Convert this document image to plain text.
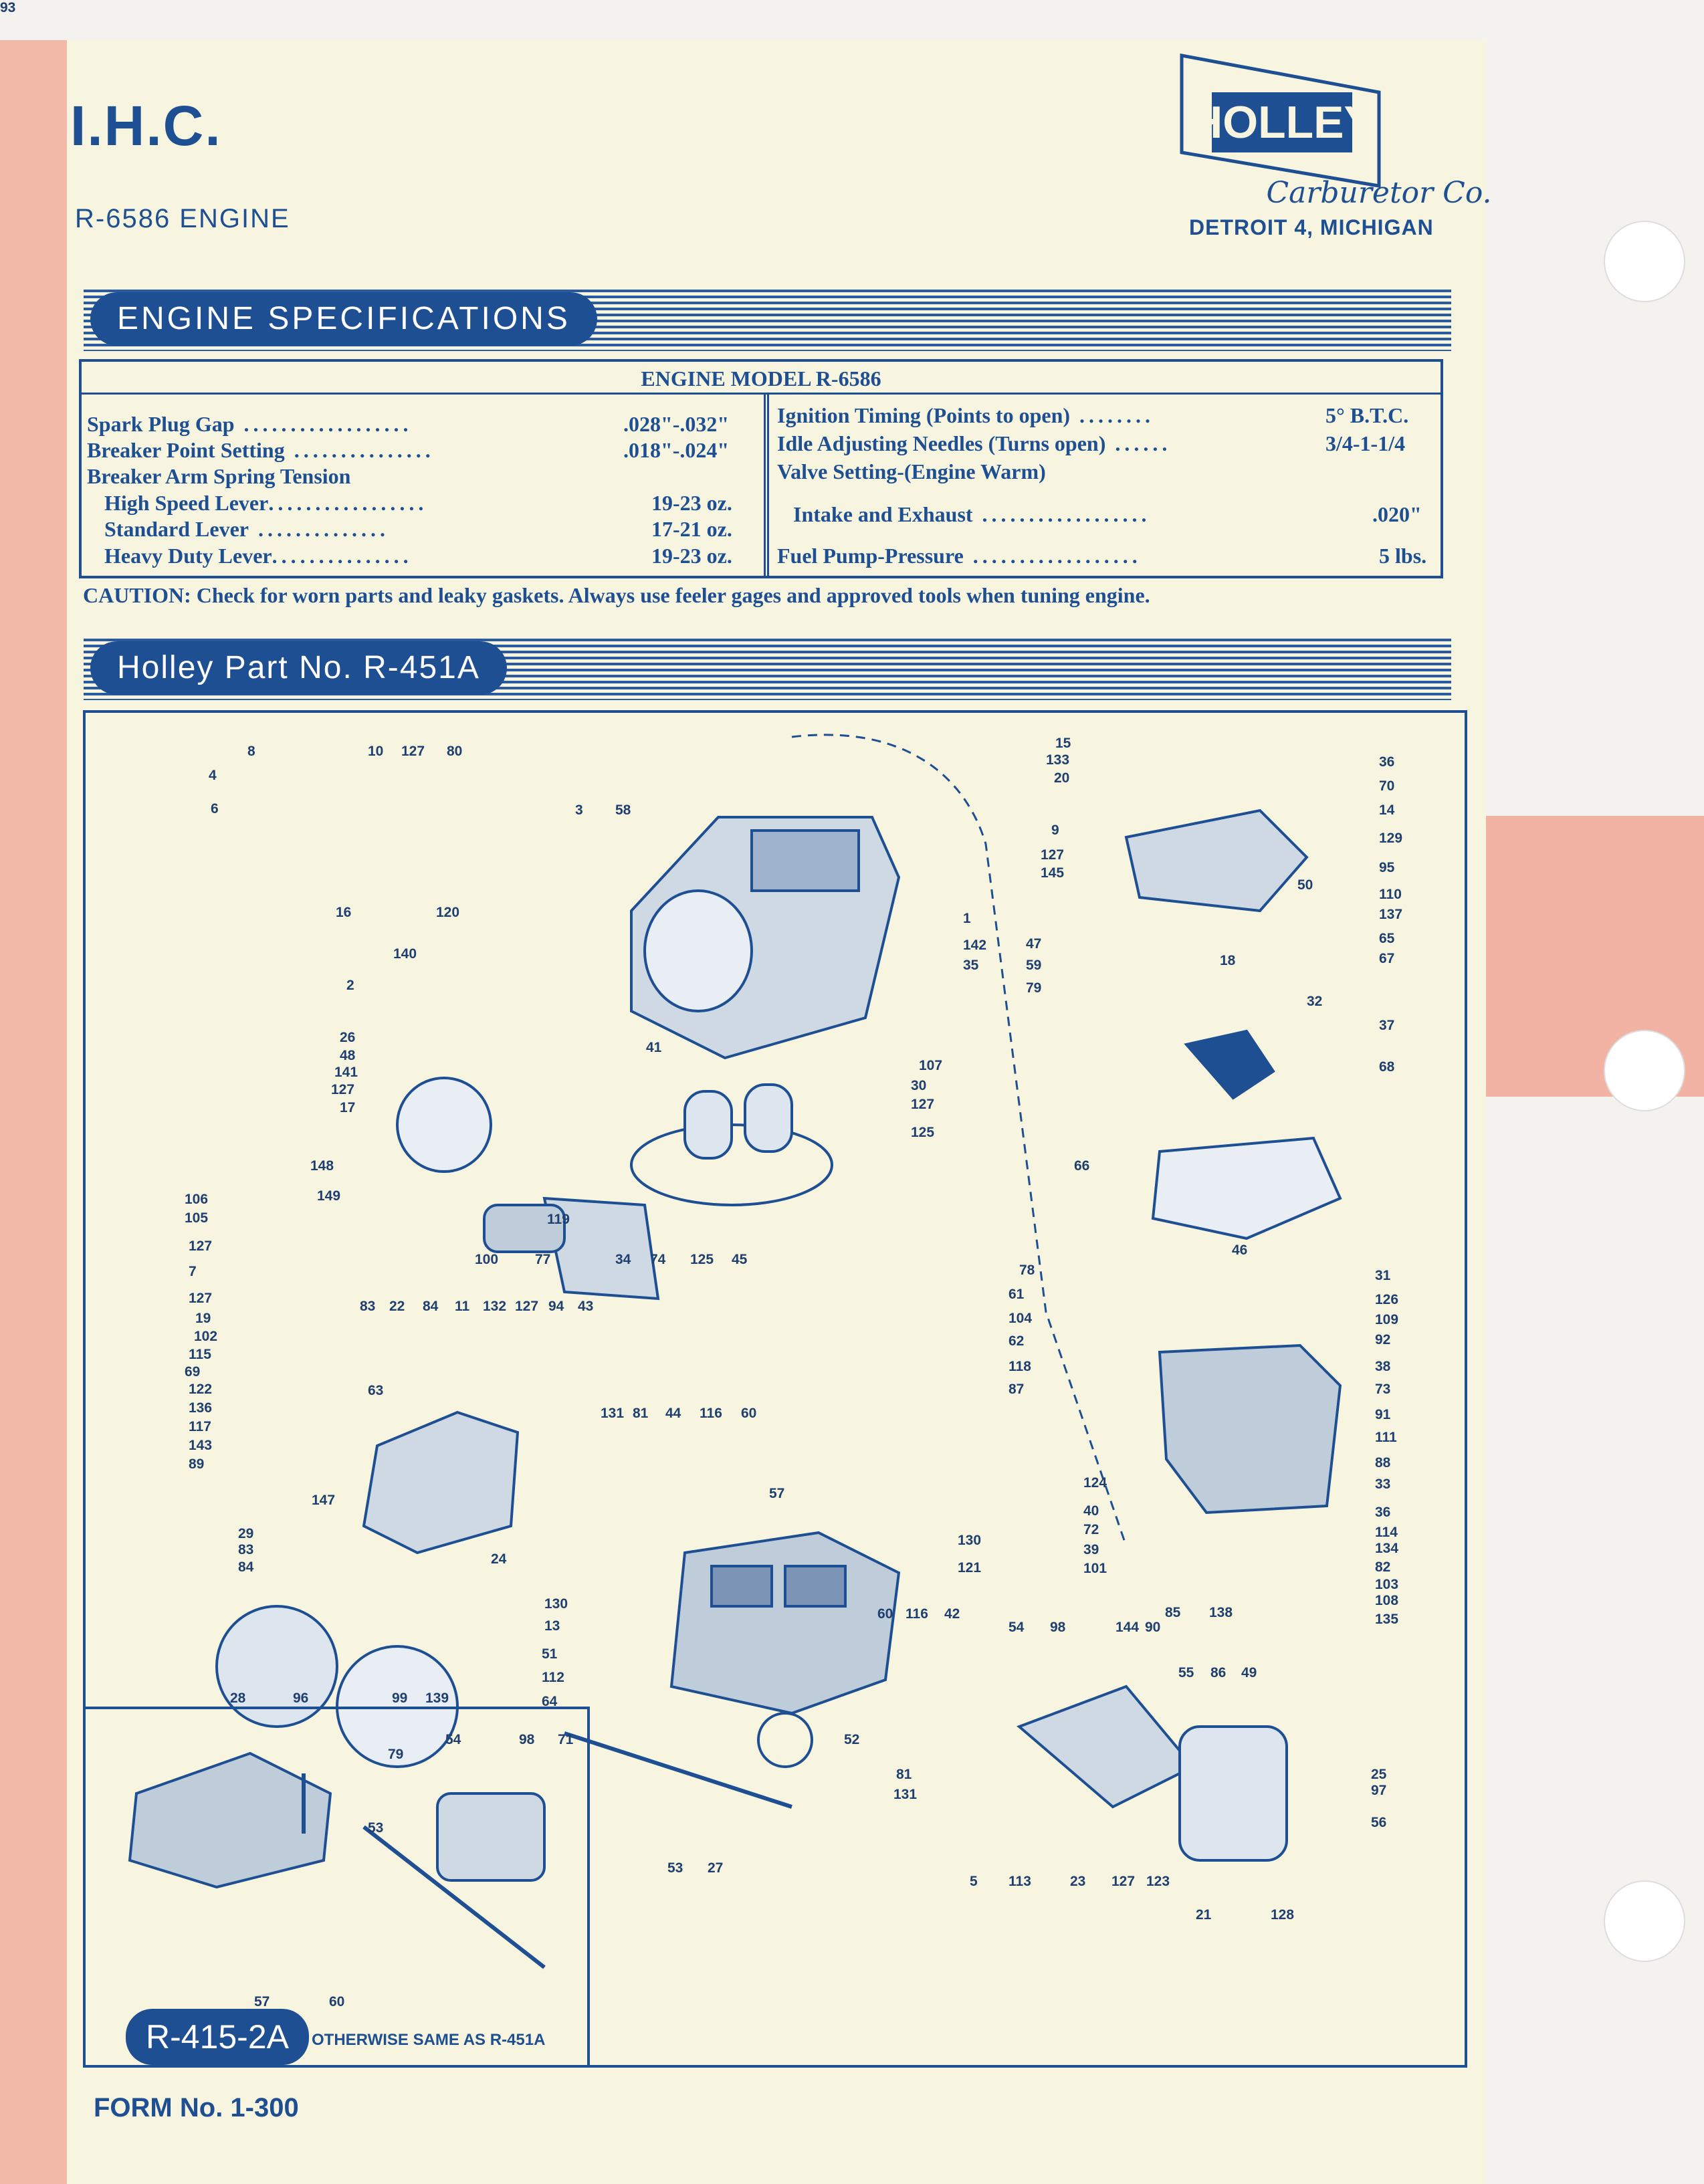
I.H.C.
R-6586 ENGINE
HOLLEY
Carburetor Co.
DETROIT 4, MICHIGAN
ENGINE SPECIFICATIONS
ENGINE MODEL R-6586
Spark Plug Gap ..................	.028"-.032"
Breaker Point Setting ...............	.018"-.024"
Breaker Arm Spring Tension
High Speed Lever.................	19-23 oz.
Standard Lever ..............	17-21 oz.
Heavy Duty Lever...............	19-23 oz.
Ignition Timing (Points to open) ........	5° B.T.C.
Idle Adjusting Needles (Turns open) ......	3/4-1-1/4
Valve Setting-(Engine Warm)
Intake and Exhaust ..................	.020"
Fuel Pump-Pressure ..................	5 lbs.
CAUTION: Check for worn parts and leaky gaskets. Always use feeler gages and approved tools when tuning engine.
Holley Part No. R-451A
R-415-2A	OTHERWISE SAME AS R-451A
4
8
6
10 127 80
3 58
16	120
140
2
26
48
141
127
17
148
149
106
105
127
7
127
19
102
115
69
122
136
117
143
89
119
100	77	34 74 125 45
41
1
142
35
107
30
127
125
83 22 84 11 132 127 94 43
63
131 81 44 116 60
147
29
83
84
24
57
130
121
130
13
51
112
64
60 116 42
54 98	144 90
55 86 49
28	96	99 139
79
54	98 71	52
81
131
53 27
5 113	23 127 123
25
97
56
21	128
53
57	60
15
133
20
9
127
145
47
59
79
36
70
14
129
95
50
110
137
65
67
18
32
37
68
66
46
78
61
104
62
118
87
31
126
109
92
38
73
91
111
88
33
36
114
134
82
103
108
135
124
40
72
39
101
85 138
93
FORM No. 1-300
